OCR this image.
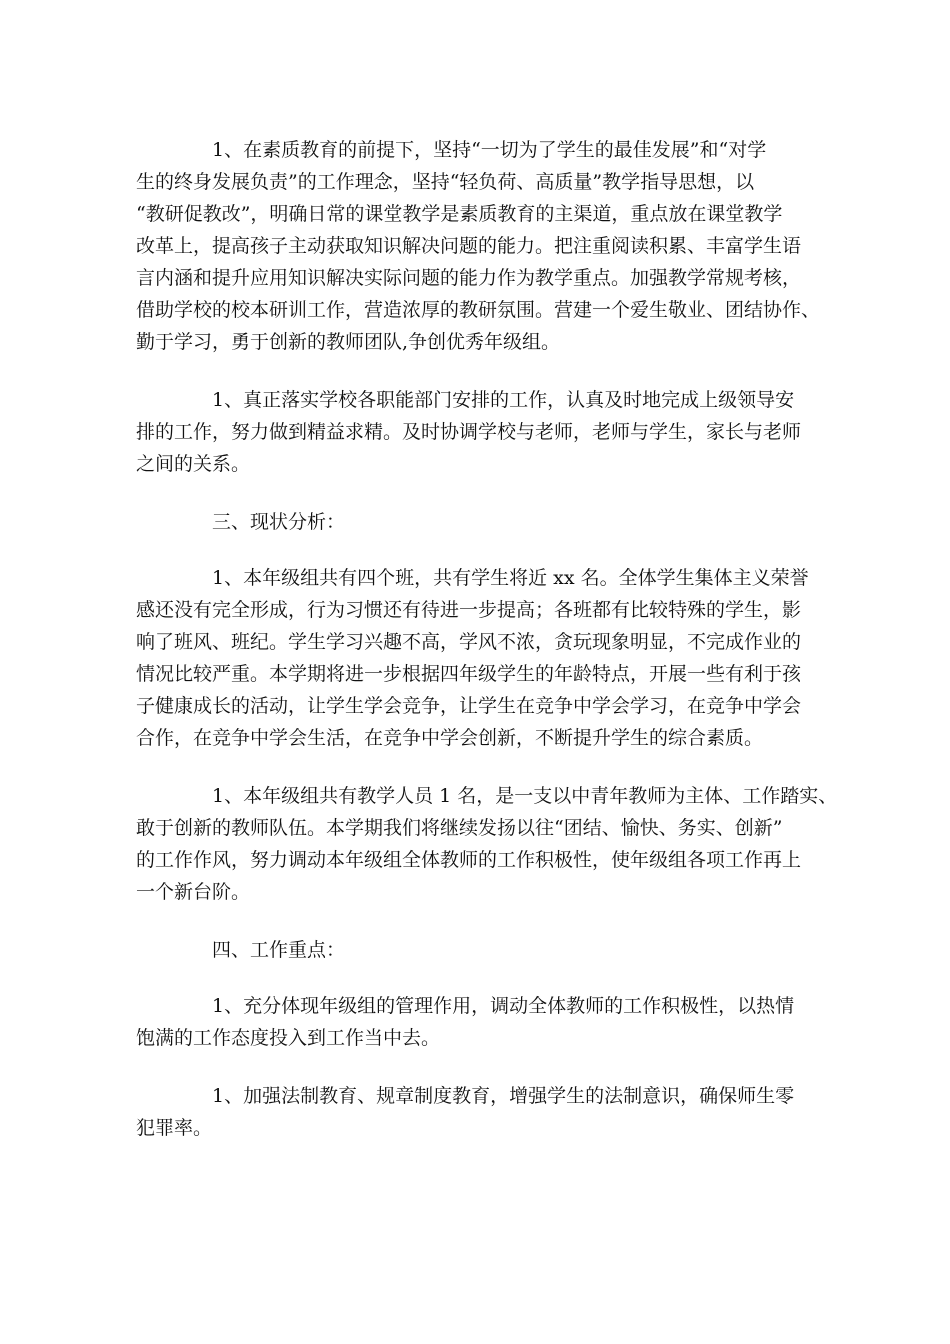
1、在素质教育的前提下，坚持“一切为了学生的最佳发展”和“对学
生的终身发展负责”的工作理念，坚持“轻负荷、高质量”教学指导思想，以
“教研促教改”，明确日常的课堂教学是素质教育的主渠道，重点放在课堂教学
改革上，提高孩子主动获取知识解决问题的能力。把注重阅读积累、丰富学生语
言内涵和提升应用知识解决实际问题的能力作为教学重点。加强教学常规考核，
借助学校的校本研训工作，营造浓厚的教研氛围。营建一个爱生敬业、团结协作、
勤于学习，勇于创新的教师团队,争创优秀年级组。
1、真正落实学校各职能部门安排的工作，认真及时地完成上级领导安
排的工作，努力做到精益求精。及时协调学校与老师，老师与学生，家长与老师
之间的关系。
三、现状分析：
1、本年级组共有四个班，共有学生将近 xx 名。全体学生集体主义荣誉
感还没有完全形成，行为习惯还有待进一步提高；各班都有比较特殊的学生，影
响了班风、班纪。学生学习兴趣不高，学风不浓，贪玩现象明显，不完成作业的
情况比较严重。本学期将进一步根据四年级学生的年龄特点，开展一些有利于孩
子健康成长的活动，让学生学会竞争，让学生在竞争中学会学习，在竞争中学会
合作，在竞争中学会生活，在竞争中学会创新，不断提升学生的综合素质。
1、本年级组共有教学人员 1 名，是一支以中青年教师为主体、工作踏实、
敢于创新的教师队伍。本学期我们将继续发扬以往“团结、愉快、务实、创新”
的工作作风，努力调动本年级组全体教师的工作积极性，使年级组各项工作再上
一个新台阶。
四、工作重点：
1、充分体现年级组的管理作用，调动全体教师的工作积极性，以热情
饱满的工作态度投入到工作当中去。
1、加强法制教育、规章制度教育，增强学生的法制意识，确保师生零
犯罪率。
